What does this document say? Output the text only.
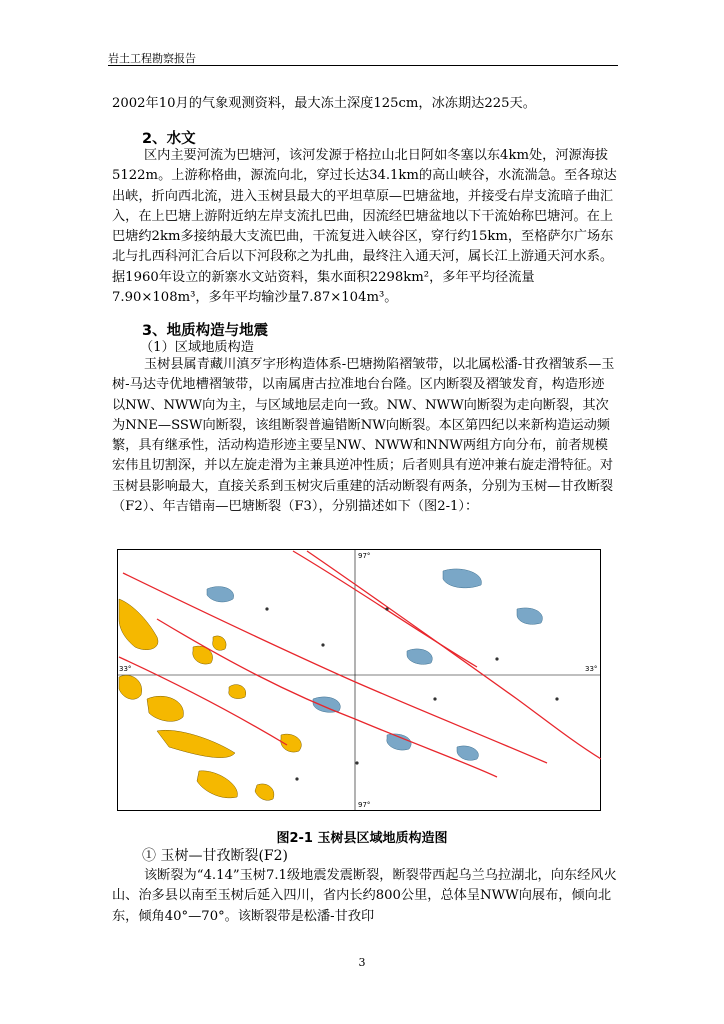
岩土工程勘察报告
2002年10月的气象观测资料，最大冻土深度125cm，冰冻期达225天。
2、水文
区内主要河流为巴塘河，该河发源于格拉山北日阿如冬塞以东4km处，河源海拔5122m。上游称格曲，源流向北，穿过长达34.1km的高山峡谷，水流湍急。至各琼达出峡，折向西北流，进入玉树县最大的平坦草原—巴塘盆地，并接受右岸支流暗子曲汇入，在上巴塘上游附近纳左岸支流扎巴曲，因流经巴塘盆地以下干流始称巴塘河。在上巴塘约2km多接纳最大支流巴曲，干流复进入峡谷区，穿行约15km，至格萨尔广场东北与扎西科河汇合后以下河段称之为扎曲，最终注入通天河，属长江上游通天河水系。据1960年设立的新寨水文站资料，集水面积2298km²，多年平均径流量7.90×108m³，多年平均输沙量7.87×104m³。
3、地质构造与地震
（1）区域地质构造
玉树县属青藏川滇歹字形构造体系-巴塘拗陷褶皱带，以北属松潘-甘孜褶皱系—玉树-马达寺优地槽褶皱带，以南属唐古拉准地台台隆。区内断裂及褶皱发育，构造形迹以NW、NWW向为主，与区域地层走向一致。NW、NWW向断裂为走向断裂，其次为NNE—SSW向断裂，该组断裂普遍错断NW向断裂。本区第四纪以来新构造运动频繁，具有继承性，活动构造形迹主要呈NW、NWW和NNW两组方向分布，前者规模宏伟且切割深，并以左旋走滑为主兼具逆冲性质；后者则具有逆冲兼右旋走滑特征。对玉树县影响最大，直接关系到玉树灾后重建的活动断裂有两条，分别为玉树—甘孜断裂（F2）、年吉错南—巴塘断裂（F3），分别描述如下（图2-1）：
33°	33°
97°
97°
图2-1 玉树县区域地质构造图
① 玉树—甘孜断裂(F2)
该断裂为“4.14”玉树7.1级地震发震断裂，断裂带西起乌兰乌拉湖北，向东经风火山、治多县以南至玉树后延入四川，省内长约800公里，总体呈NWW向展布，倾向北东，倾角40°—70°。该断裂带是松潘-甘孜印
3
